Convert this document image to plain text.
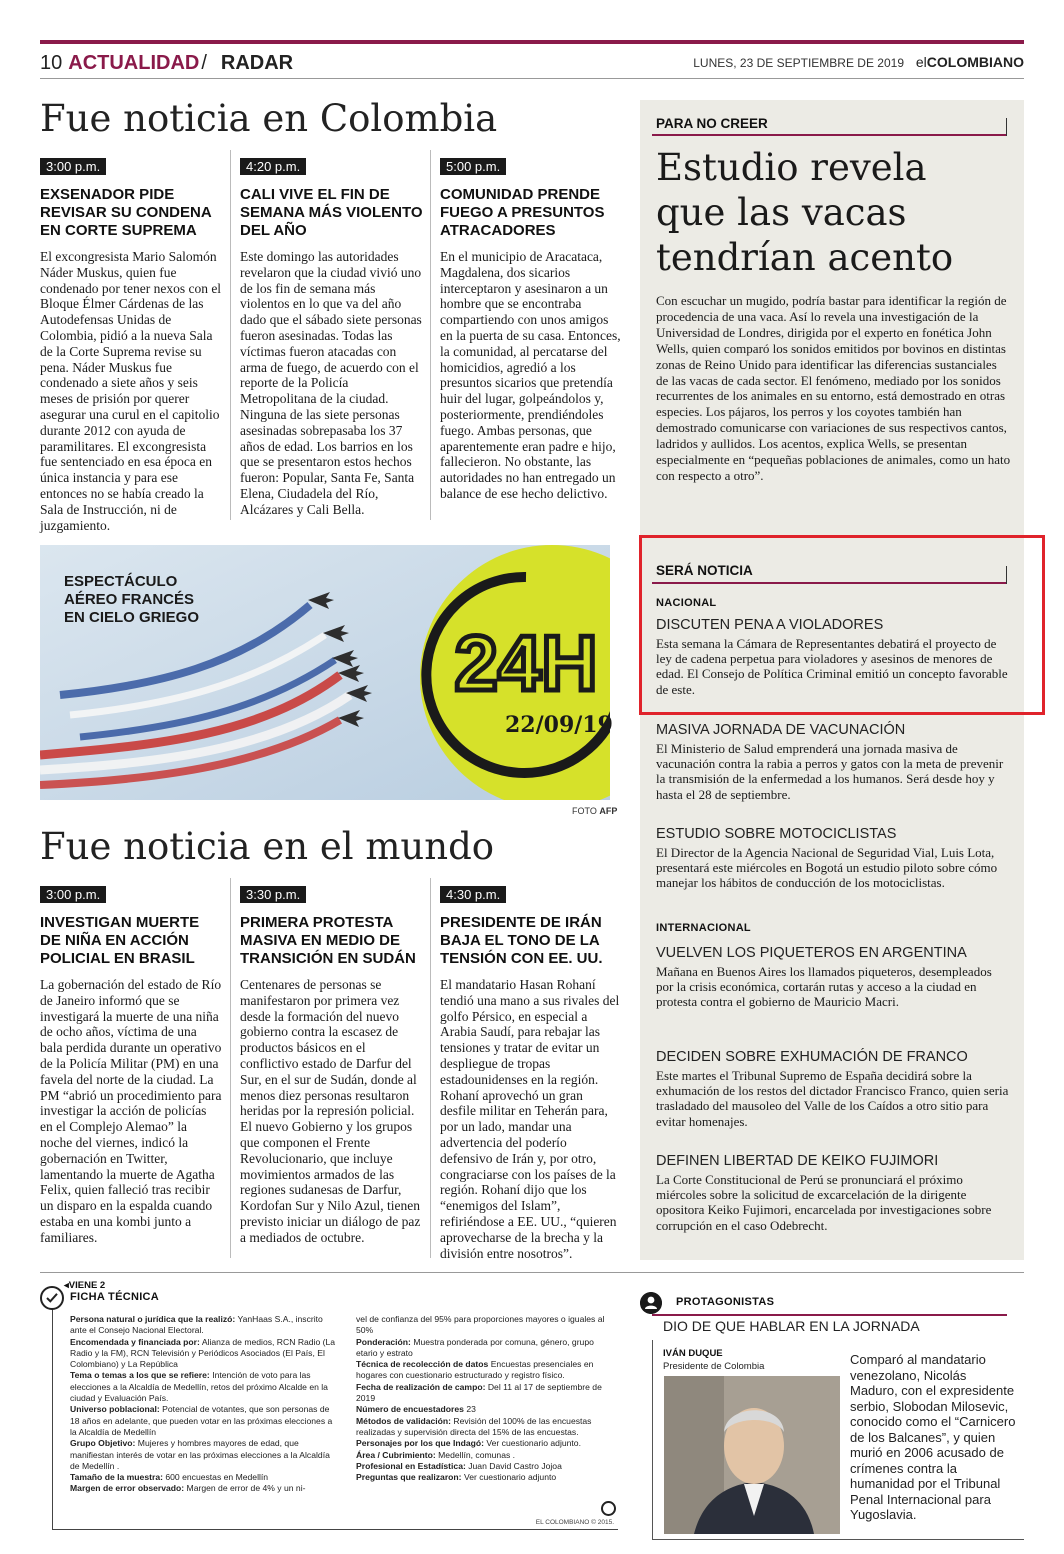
10 ACTUALIDAD / RADAR	LUNES, 23 DE SEPTIEMBRE DE 2019 elCOLOMBIANO
Fue noticia en Colombia
3:00 p.m.
EXSENADOR PIDE REVISAR SU CONDENA EN CORTE SUPREMA
El excongresista Mario Salomón Náder Muskus, quien fue condenado por tener nexos con el Bloque Élmer Cárdenas de las Autodefensas Unidas de Colombia, pidió a la nueva Sala de la Corte Suprema revise su pena. Náder Muskus fue condenado a siete años y seis meses de prisión por querer asegurar una curul en el capitolio durante 2012 con ayuda de paramilitares. El excongresista fue sentenciado en esa época en única instancia y para ese entonces no se había creado la Sala de Instrucción, ni de juzgamiento.
4:20 p.m.
CALI VIVE EL FIN DE SEMANA MÁS VIOLENTO DEL AÑO
Este domingo las autoridades revelaron que la ciudad vivió uno de los fin de semana más violentos en lo que va del año dado que el sábado siete personas fueron asesinadas. Todas las víctimas fueron atacadas con arma de fuego, de acuerdo con el reporte de la Policía Metropolitana de la ciudad. Ninguna de las siete personas asesinadas sobrepasaba los 37 años de edad. Los barrios en los que se presentaron estos hechos fueron: Popular, Santa Fe, Santa Elena, Ciudadela del Río, Alcázares y Cali Bella.
5:00 p.m.
COMUNIDAD PRENDE FUEGO A PRESUNTOS ATRACADORES
En el municipio de Aracataca, Magdalena, dos sicarios interceptaron y asesinaron a un hombre que se encontraba compartiendo con unos amigos en la puerta de su casa. Entonces, la comunidad, al percatarse del homicidios, agredió a los presuntos sicarios que pretendía huir del lugar, golpeándolos y, posteriormente, prendiéndoles fuego. Ambas personas, que aparentemente eran padre e hijo, fallecieron. No obstante, las autoridades no han entregado un balance de ese hecho delictivo.
PARA NO CREER
Estudio revela que las vacas tendrían acento
Con escuchar un mugido, podría bastar para identificar la región de procedencia de una vaca. Así lo revela una investigación de la Universidad de Londres, dirigida por el experto en fonética John Wells, quien comparó los sonidos emitidos por bovinos en distintas zonas de Reino Unido para identificar las diferencias sustanciales de las vacas de cada sector. El fenómeno, mediado por los sonidos recurrentes de los animales en su entorno, está demostrado en otras especies. Los pájaros, los perros y los coyotes también han demostrado comunicarse con variaciones de sus respectivos cantos, ladridos y aullidos. Los acentos, explica Wells, se presentan especialmente en “pequeñas poblaciones de animales, como un hato con respecto a otro”.
SERÁ NOTICIA
NACIONAL
DISCUTEN PENA A VIOLADORES
Esta semana la Cámara de Representantes debatirá el proyecto de ley de cadena perpetua para violadores y asesinos de menores de edad. El Consejo de Política Criminal emitió un concepto favorable de este.
MASIVA JORNADA DE VACUNACIÓN
El Ministerio de Salud emprenderá una jornada masiva de vacunación contra la rabia a perros y gatos con la meta de prevenir la transmisión de la enfermedad a los humanos. Será desde hoy y hasta el 28 de septiembre.
ESTUDIO SOBRE MOTOCICLISTAS
El Director de la Agencia Nacional de Seguridad Vial, Luis Lota, presentará este miércoles en Bogotá un estudio piloto sobre cómo manejar los hábitos de conducción de los motociclistas.
INTERNACIONAL
VUELVEN LOS PIQUETEROS EN ARGENTINA
Mañana en Buenos Aires los llamados piqueteros, desempleados por la crisis económica, cortarán rutas y acceso a la ciudad en protesta contra el gobierno de Mauricio Macri.
DECIDEN SOBRE EXHUMACIÓN DE FRANCO
Este martes el Tribunal Supremo de España decidirá sobre la exhumación de los restos del dictador Francisco Franco, quien seria trasladado del mausoleo del Valle de los Caídos a otro sitio para evitar homenajes.
DEFINEN LIBERTAD DE KEIKO FUJIMORI
La Corte Constitucional de Perú se pronunciará el próximo miércoles sobre la solicitud de excarcelación de la dirigente opositora Keiko Fujimori, encarcelada por investigaciones sobre corrupción en el caso Odebrecht.
ESPECTÁCULO
AÉREO FRANCÉS
EN CIELO GRIEGO
24H
22/09/19
FOTO AFP
Fue noticia en el mundo
3:00 p.m.
INVESTIGAN MUERTE DE NIÑA EN ACCIÓN POLICIAL EN BRASIL
La gobernación del estado de Río de Janeiro informó que se investigará la muerte de una niña de ocho años, víctima de una bala perdida durante un operativo de la Policía Militar (PM) en una favela del norte de la ciudad. La PM “abrió un procedimiento para investigar la acción de policías en el Complejo Alemao” la noche del viernes, indicó la gobernación en Twitter, lamentando la muerte de Agatha Felix, quien falleció tras recibir un disparo en la espalda cuando estaba en una kombi junto a familiares.
3:30 p.m.
PRIMERA PROTESTA MASIVA EN MEDIO DE TRANSICIÓN EN SUDÁN
Centenares de personas se manifestaron por primera vez desde la formación del nuevo gobierno contra la escasez de productos básicos en el conflictivo estado de Darfur del Sur, en el sur de Sudán, donde al menos diez personas resultaron heridas por la represión policial. El nuevo Gobierno y los grupos que componen el Frente Revolucionario, que incluye movimientos armados de las regiones sudanesas de Darfur, Kordofan Sur y Nilo Azul, tienen previsto iniciar un diálogo de paz a mediados de octubre.
4:30 p.m.
PRESIDENTE DE IRÁN BAJA EL TONO DE LA TENSIÓN CON EE. UU.
El mandatario Hasan Rohaní tendió una mano a sus rivales del golfo Pérsico, en especial a Arabia Saudí, para rebajar las tensiones y tratar de evitar un despliegue de tropas estadounidenses en la región. Rohaní aprovechó un gran desfile militar en Teherán para, por un lado, mandar una advertencia del poderío defensivo de Irán y, por otro, congraciarse con los países de la región. Rohaní dijo que los “enemigos del Islam”, refiriéndose a EE. UU., “quieren aprovecharse de la brecha y la división entre nosotros”.
◂VIENE 2
FICHA TÉCNICA

Persona natural o jurídica que la realizó: YanHaas S.A., inscrito ante el Consejo Nacional Electoral.

Encomendada y financiada por: Alianza de medios, RCN Radio (La Radio y la FM), RCN Televisión y Periódicos Asociados (El País, El Colombiano) y La República

Tema o temas a los que se refiere: Intención de voto para las elecciones a la Alcaldía de Medellín, retos del próximo Alcalde en la ciudad y Evaluación País.

Universo poblacional: Potencial de votantes, que son personas de 18 años en adelante, que pueden votar en las próximas elecciones a la Alcaldía de Medellín

Grupo Objetivo: Mujeres y hombres mayores de edad, que manifiestan interés de votar en las próximas elecciones a la Alcaldía de Medellín .

Tamaño de la muestra: 600 encuestas en Medellín

Margen de error observado: Margen de error de 4% y un ni-

vel de confianza del 95% para proporciones mayores o iguales al 50%

Ponderación: Muestra ponderada por comuna, género, grupo etario y estrato

Técnica de recolección de datos Encuestas presenciales en hogares con cuestionario estructurado y registro físico.

Fecha de realización de campo: Del 11 al 17 de septiembre de 2019

Número de encuestadores 23

Métodos de validación: Revisión del 100% de las encuestas realizadas y supervisión directa del 15% de las encuestas.

Personajes por los que Indagó: Ver cuestionario adjunto.

Área / Cubrimiento: Medellín, comunas .

Profesional en Estadística: Juan David Castro Jojoa

Preguntas que realizaron: Ver cuestionario adjunto

EL COLOMBIANO © 2015.
PROTAGONISTAS
DIO DE QUE HABLAR EN LA JORNADA
IVÁN DUQUE
Presidente de Colombia	Comparó al mandatario venezolano, Nicolás Maduro, con el expresidente serbio, Slobodan Milosevic, conocido como el “Carnicero de los Balcanes”, y quien murió en 2006 acusado de crímenes contra la humanidad por el Tribunal Penal Internacional para Yugoslavia.
